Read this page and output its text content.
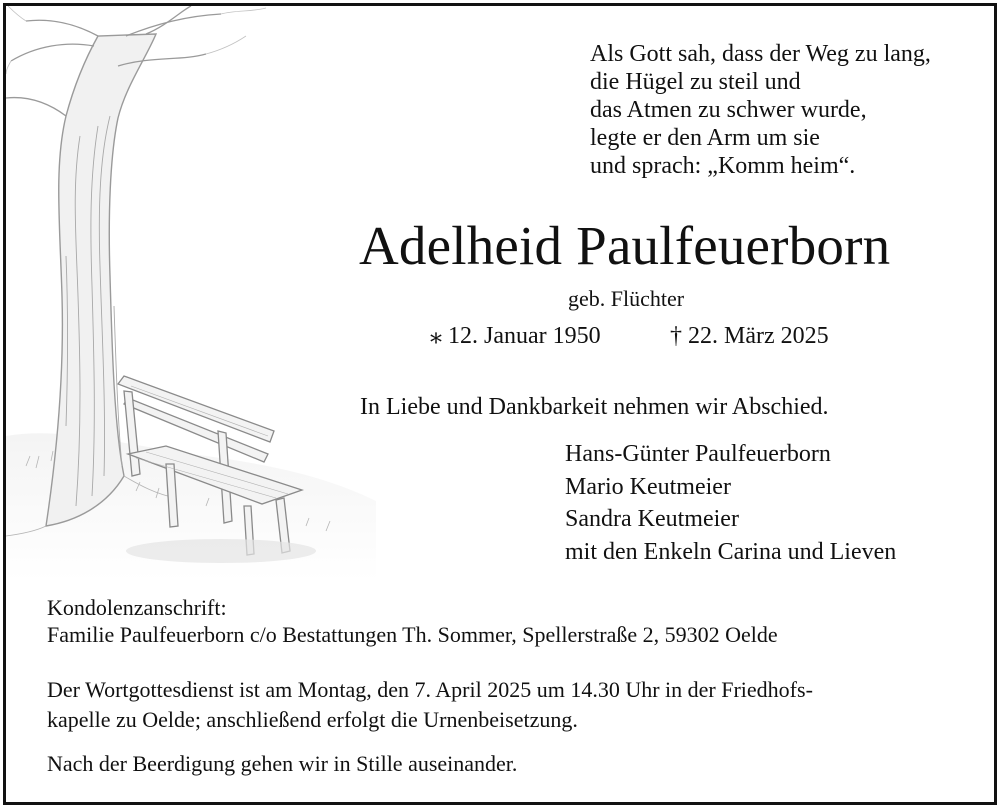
Als Gott sah, dass der Weg zu lang,
die Hügel zu steil und
das Atmen zu schwer wurde,
legte er den Arm um sie
und sprach: „Komm heim“.
Adelheid Paulfeuerborn
geb. Flüchter
⁎ 12. Januar 1950	† 22. März 2025
In Liebe und Dankbarkeit nehmen wir Abschied.
Hans-Günter Paulfeuerborn
Mario Keutmeier
Sandra Keutmeier
mit den Enkeln Carina und Lieven
Kondolenzanschrift:
Familie Paulfeuerborn c/o Bestattungen Th. Sommer, Spellerstraße 2, 59302 Oelde
Der Wortgottesdienst ist am Montag, den 7. April 2025 um 14.30 Uhr in der Friedhofs-
kapelle zu Oelde; anschließend erfolgt die Urnenbeisetzung.
Nach der Beerdigung gehen wir in Stille auseinander.
